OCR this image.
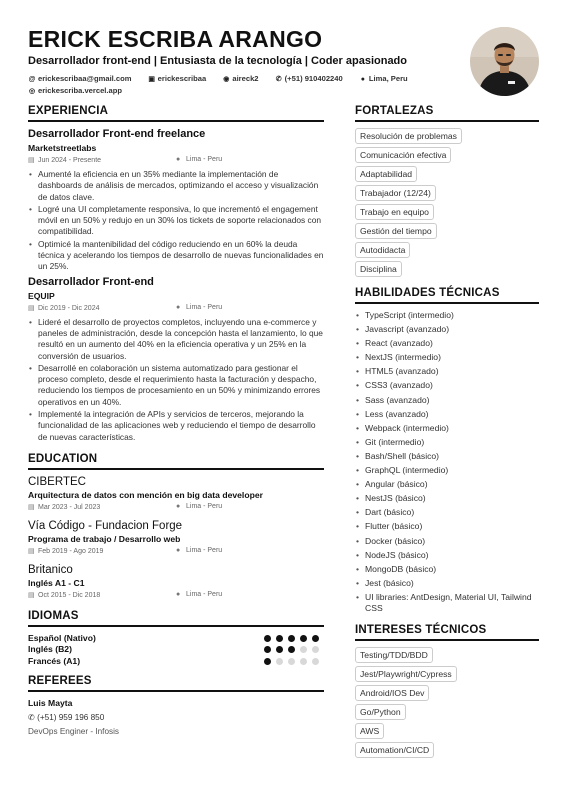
ERICK ESCRIBA ARANGO
Desarrollador front-end | Entusiasta de la tecnología | Coder apasionado
@ erickescribaa@gmail.com ▣ erickescribaa ◉ aireck2 ✆ (+51) 910402240	● Lima, Peru
◎ erickescriba.vercel.app
EXPERIENCIA
Desarrollador Front-end freelance
Marketstreetlabs
▤ Jun 2024 - Presente	● Lima - Peru
• Aumenté la eficiencia en un 35% mediante la implementación de dashboards de análisis de mercados, optimizando el acceso y visualización de datos clave.
• Logré una UI completamente responsiva, lo que incrementó el engagement móvil en un 50% y redujo en un 30% los tickets de soporte relacionados con compatibilidad.
• Optimicé la mantenibilidad del código reduciendo en un 60% la deuda técnica y acelerando los tiempos de desarrollo de nuevas funcionalidades en un 25%.
Desarrollador Front-end
EQUIP
▤ Dic 2019 - Dic 2024	● Lima - Peru
• Lideré el desarrollo de proyectos completos, incluyendo una e-commerce y paneles de administración, desde la concepción hasta el lanzamiento, lo que resultó en un aumento del 40% en la eficiencia operativa y un 25% en la conversión de usuarios.
• Desarrollé en colaboración un sistema automatizado para gestionar el proceso completo, desde el requerimiento hasta la facturación y despacho, reduciendo los tiempos de procesamiento en un 50% y minimizando errores operativos en un 40%.
• Implementé la integración de APIs y servicios de terceros, mejorando la funcionalidad de las aplicaciones web y reduciendo el tiempo de desarrollo de nuevas características.
EDUCATION
CIBERTEC
Arquitectura de datos con mención en big data developer
▤ Mar 2023 - Jul 2023	● Lima - Peru
Vía Código - Fundacion Forge
Programa de trabajo / Desarrollo web
▤ Feb 2019 - Ago 2019	● Lima - Peru
Britanico
Inglés A1 - C1
▤ Oct 2015 - Dic 2018	● Lima - Peru
IDIOMAS
Español (Nativo)
Inglés (B2)
Francés (A1)
REFEREES
Luis Mayta
✆ (+51) 959 196 850
DevOps Enginer - Infosis
FORTALEZAS
Resolución de problemas
Comunicación efectiva
Adaptabilidad
Trabajador (12/24)
Trabajo en equipo
Gestión del tiempo
Autodidacta
Disciplina
HABILIDADES TÉCNICAS
• TypeScript (intermedio)
• Javascript (avanzado)
• React (avanzado)
• NextJS (intermedio)
• HTML5 (avanzado)
• CSS3 (avanzado)
• Sass (avanzado)
• Less (avanzado)
• Webpack (intermedio)
• Git (intermedio)
• Bash/Shell (básico)
• GraphQL (intermedio)
• Angular (básico)
• NestJS (básico)
• Dart (básico)
• Flutter (básico)
• Docker (básico)
• NodeJS (básico)
• MongoDB (básico)
• Jest (básico)
• UI libraries: AntDesign, Material UI, Tailwind CSS
INTERESES TÉCNICOS
Testing/TDD/BDD
Jest/Playwright/Cypress
Android/IOS Dev
Go/Python
AWS
Automation/CI/CD
